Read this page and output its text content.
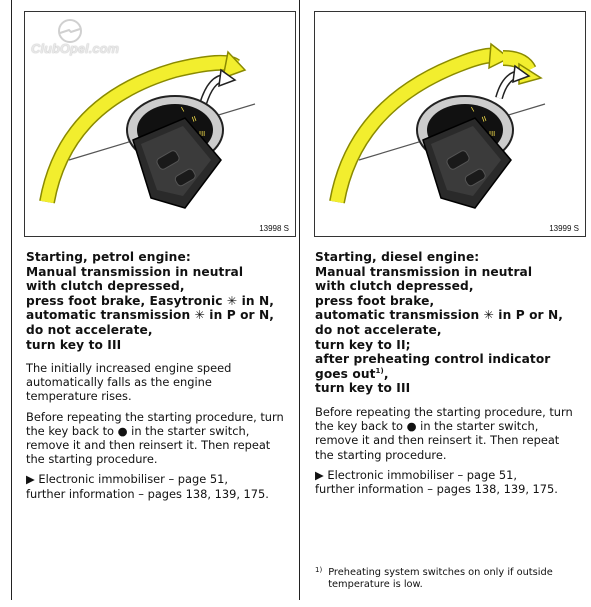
I
II
III
ClubOpel.com
13998 S
Starting, petrol engine:
Manual transmission in neutral
with clutch depressed,
press foot brake, Easytronic ✳ in N,
automatic transmission ✳ in P or N,
do not accelerate,
turn key to III

The initially increased engine speed automatically falls as the engine temperature rises.

Before repeating the starting procedure, turn the key back to ● in the starter switch, remove it and then reinsert it. Then repeat the starting procedure.

▶ Electronic immobiliser – page 51,
further information – pages 138, 139, 175.
I
II
III
13999 S
Starting, diesel engine:
Manual transmission in neutral
with clutch depressed,
press foot brake,
automatic transmission ✳ in P or N,
do not accelerate,
turn key to II;
after preheating control indicator
goes out$^{1)}$,
turn key to III

Before repeating the starting procedure, turn the key back to ● in the starter switch, remove it and then reinsert it. Then repeat the starting procedure.

▶ Electronic immobiliser – page 51,
further information – pages 138, 139, 175.
$^{1)}$ Preheating system switches on only if outside temperature is low.
